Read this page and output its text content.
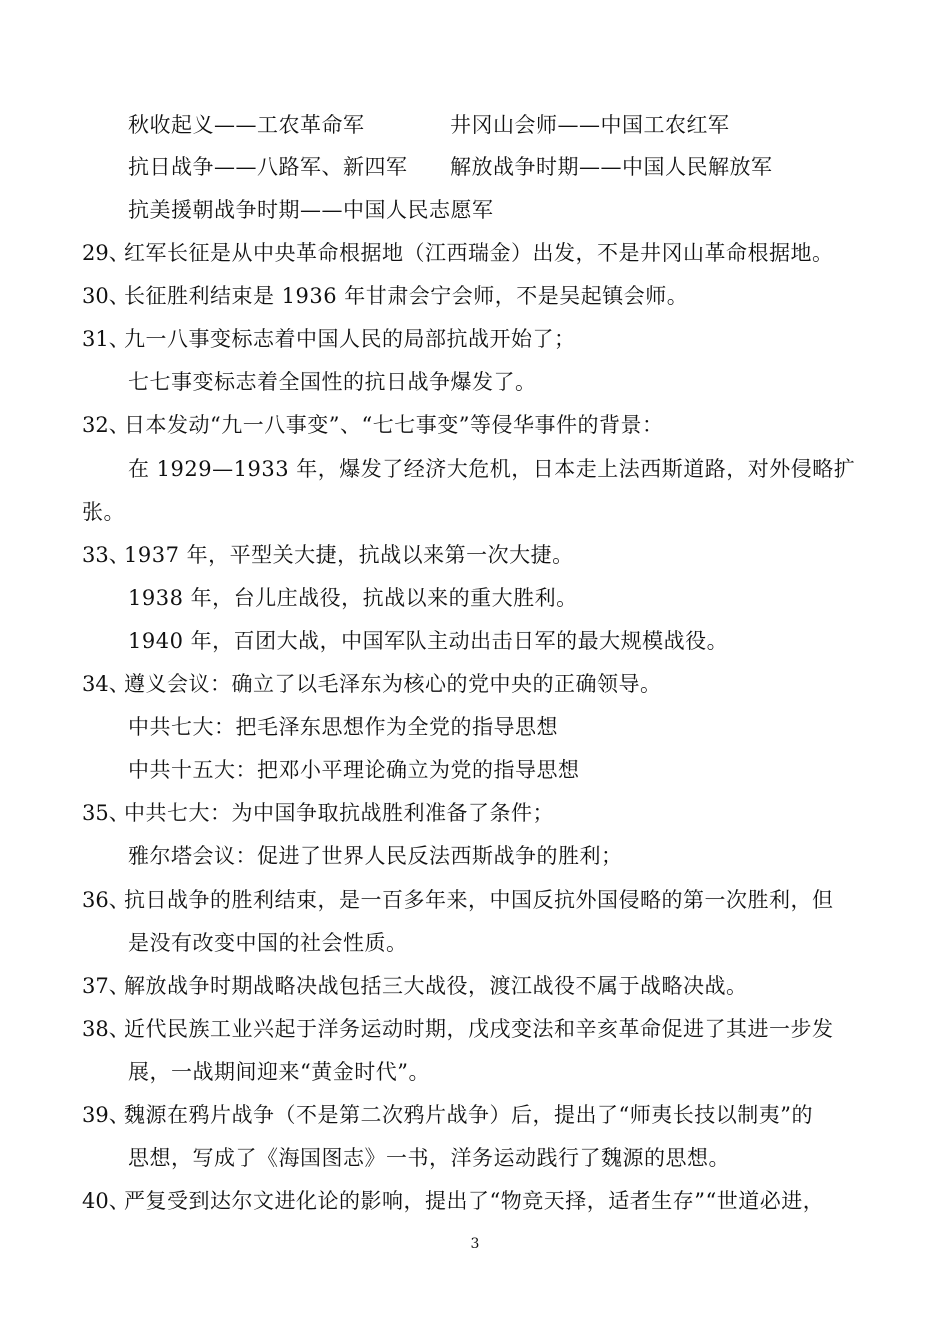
秋收起义——工农革命军	井冈山会师——中国工农红军
抗日战争——八路军、新四军 解放战争时期——中国人民解放军
抗美援朝战争时期——中国人民志愿军
29、
红军长征是从中央革命根据地（江西瑞金）出发，不是井冈山革命根据地。
30、
长征胜利结束是 1936 年甘肃会宁会师，不是吴起镇会师。
31、
九一八事变标志着中国人民的局部抗战开始了；
七七事变标志着全国性的抗日战争爆发了。
32、
日本发动“九一八事变”、“七七事变”等侵华事件的背景：
在 1929—1933 年，爆发了经济大危机，日本走上法西斯道路，对外侵略扩
张。
33、
1937 年，平型关大捷，抗战以来第一次大捷。
1938 年，台儿庄战役，抗战以来的重大胜利。
1940 年，百团大战，中国军队主动出击日军的最大规模战役。
34、
遵义会议：确立了以毛泽东为核心的党中央的正确领导。
中共七大：把毛泽东思想作为全党的指导思想
中共十五大：把邓小平理论确立为党的指导思想
35、
中共七大：为中国争取抗战胜利准备了条件；
雅尔塔会议：促进了世界人民反法西斯战争的胜利；
36、
抗日战争的胜利结束，是一百多年来，中国反抗外国侵略的第一次胜利，但
是没有改变中国的社会性质。
37、
解放战争时期战略决战包括三大战役，渡江战役不属于战略决战。
38、
近代民族工业兴起于洋务运动时期，戊戌变法和辛亥革命促进了其进一步发
展，一战期间迎来“黄金时代”。
39、
魏源在鸦片战争（不是第二次鸦片战争）后，提出了“师夷长技以制夷”的
思想，写成了《海国图志》一书，洋务运动践行了魏源的思想。
40、
严复受到达尔文进化论的影响，提出了“物竞天择，适者生存”“世道必进，
3
